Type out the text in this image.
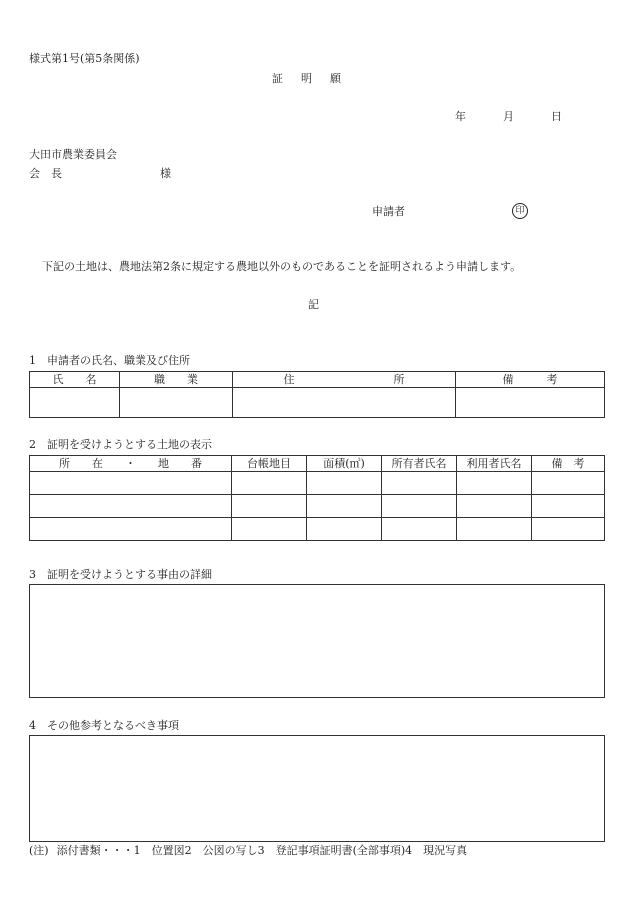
様式第1号(第5条関係)
証明願
年	月	日
大田市農業委員会
会　長	様
申請者	印
下記の土地は、農地法第2条に規定する農地以外のものであることを証明されるよう申請します。
記
1　申請者の氏名、職業及び住所
氏　　名	職　　業	住　　　　　　　　　所	備　　　考

2　証明を受けようとする土地の表示
所　　在　　・　　地　　番	台帳地目	面積(㎡)	所有者氏名	利用者氏名	備　考

3　証明を受けようとする事由の詳細
4　その他参考となるべき事項
(注) 添付書類・・・1　位置図2　公図の写し3　登記事項証明書(全部事項)4　現況写真
